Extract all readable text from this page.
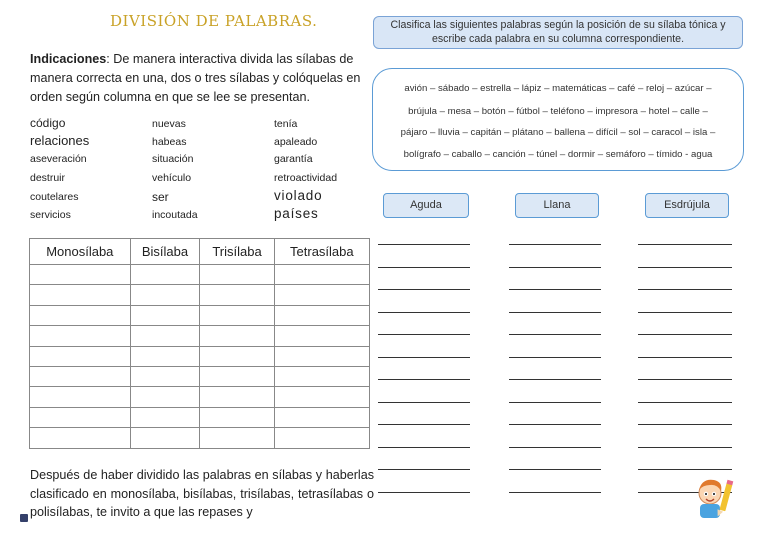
DIVISIÓN DE PALABRAS.
Indicaciones: De manera interactiva divida las sílabas de manera correcta en una, dos o tres sílabas y colóquelas en orden según columna en que se lee se presentan.
código
relaciones
aseveración
destruir
coutelares
servicios
nuevas
habeas
situación
vehículo
ser
incoutada
tenía
apaleado
garantía
retroactividad
violado
países
Monosílaba	Bisílaba	Trisílaba	Tetrasílaba

Después de haber dividido las palabras en sílabas y haberlas clasificado en monosílaba, bisílabas, trisílabas, tetrasílabas o polisílabas, te invito a que las repases y
Clasifica las siguientes palabras según la posición de su sílaba tónica y escribe cada palabra en su columna correspondiente.
avión – sábado – estrella – lápiz – matemáticas – café – reloj – azúcar –
brújula – mesa – botón – fútbol – teléfono – impresora – hotel – calle –
pájaro – lluvia – capitán – plátano – ballena – difícil – sol – caracol – isla –
bolígrafo – caballo – canción – túnel – dormir – semáforo – tímido - agua
Aguda	Llana	Esdrújula
